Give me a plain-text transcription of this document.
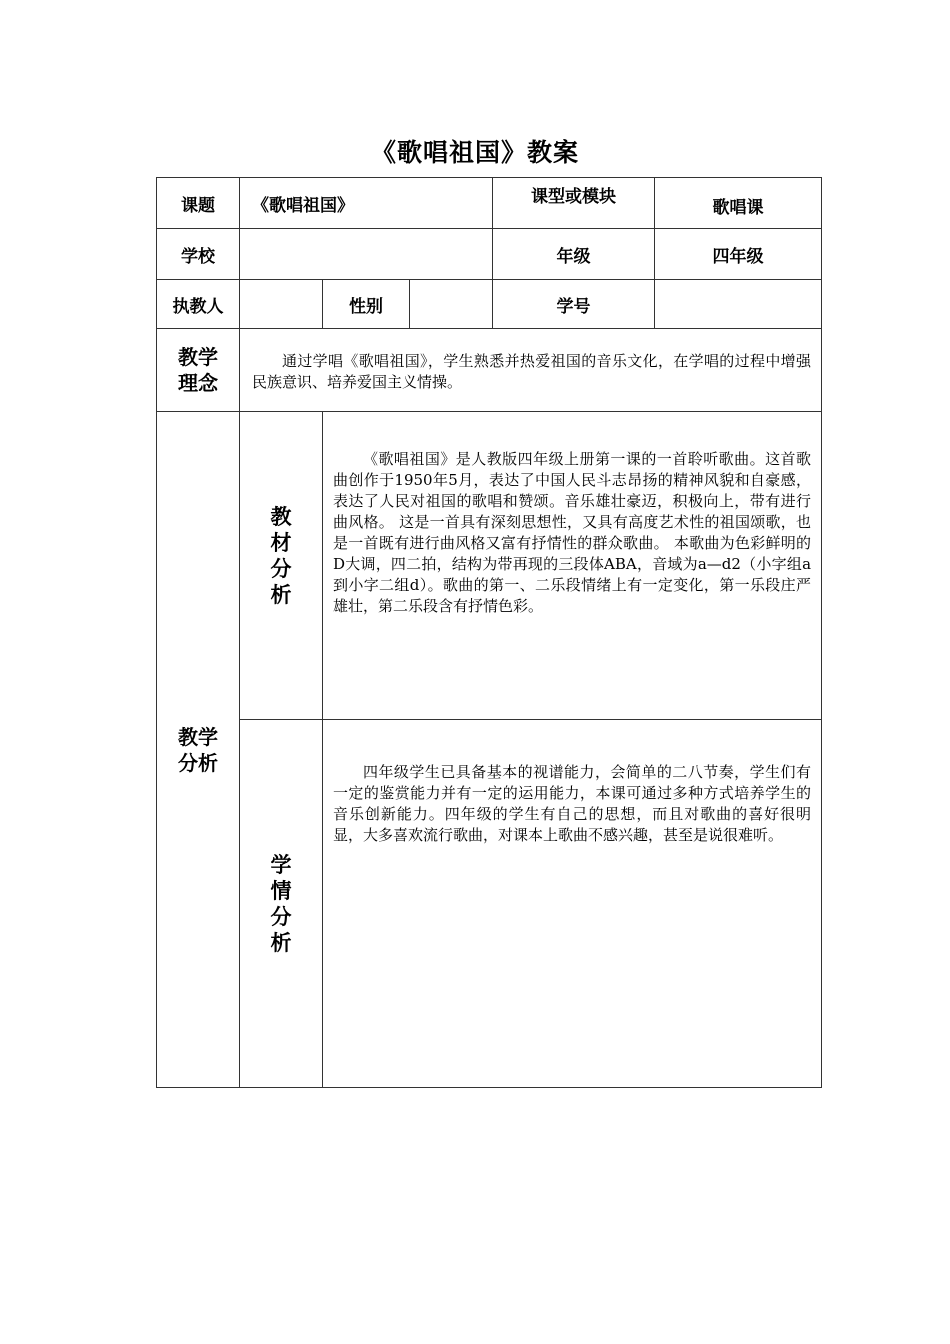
《歌唱祖国》教案
课题	《歌唱祖国》			课型或模块	歌唱课
学校				年级	四年级
执教人		性别		学号	

教学理念	通过学唱《歌唱祖国》，学生熟悉并热爱祖国的音乐文化，在学唱的过程中增强民族意识、培养爱国主义情操。				

教学分析	教材分析	《歌唱祖国》是人教版四年级上册第一课的一首聆听歌曲。这首歌曲创作于1950年5月，表达了中国人民斗志昂扬的精神风貌和自豪感，表达了人民对祖国的歌唱和赞颂。音乐雄壮豪迈，积极向上，带有进行曲风格。 这是一首具有深刻思想性，又具有高度艺术性的祖国颂歌，也是一首既有进行曲风格又富有抒情性的群众歌曲。 本歌曲为色彩鲜明的D大调，四二拍，结构为带再现的三段体ABA，音域为a—d2（小字组a到小字二组d）。歌曲的第一、二乐段情绪上有一定变化，第一乐段庄严雄壮，第二乐段含有抒情色彩。			

	学情分析	四年级学生已具备基本的视谱能力，会简单的二八节奏，学生们有一定的鉴赏能力并有一定的运用能力，本课可通过多种方式培养学生的音乐创新能力。四年级的学生有自己的思想，而且对歌曲的喜好很明显，大多喜欢流行歌曲，对课本上歌曲不感兴趣，甚至是说很难听。			
